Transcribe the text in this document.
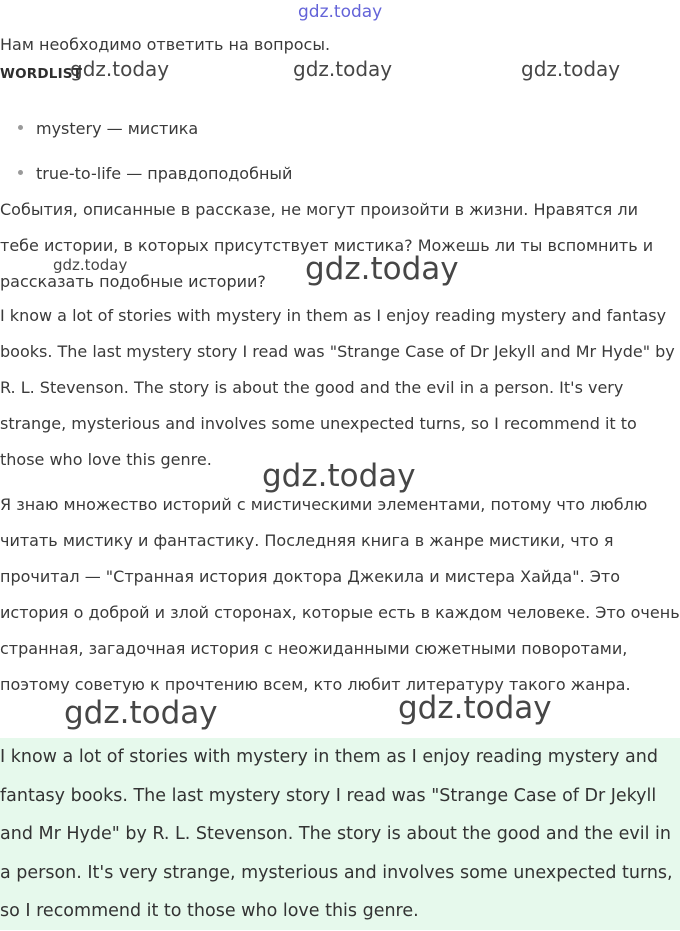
gdz.today
gdz.today	gdz.today	gdz.today
gdz.today	gdz.today
gdz.today
gdz.today	gdz.today
Нам необходимо ответить на вопросы.
WORDLIST
mystery — мистика
true-to-life — правдоподобный

События, описанные в рассказе, не могут произойти в жизни. Нравятся ли тебе истории, в которых присутствует мистика? Можешь ли ты вспомнить и рассказать подобные истории?

I know a lot of stories with mystery in them as I enjoy reading mystery and fantasy books. The last mystery story I read was "Strange Case of Dr Jekyll and Mr Hyde" by R. L. Stevenson. The story is about the good and the evil in a person. It's very strange, mysterious and involves some unexpected turns, so I recommend it to those who love this genre.

Я знаю множество историй с мистическими элементами, потому что люблю читать мистику и фантастику. Последняя книга в жанре мистики, что я прочитал — "Странная история доктора Джекила и мистера Хайда". Это история о доброй и злой сторонах, которые есть в каждом человеке. Это очень странная, загадочная история с неожиданными сюжетными поворотами, поэтому советую к прочтению всем, кто любит литературу такого жанра.

I know a lot of stories with mystery in them as I enjoy reading mystery and fantasy books. The last mystery story I read was "Strange Case of Dr Jekyll and Mr Hyde" by R. L. Stevenson. The story is about the good and the evil in a person. It's very strange, mysterious and involves some unexpected turns, so I recommend it to those who love this genre.
